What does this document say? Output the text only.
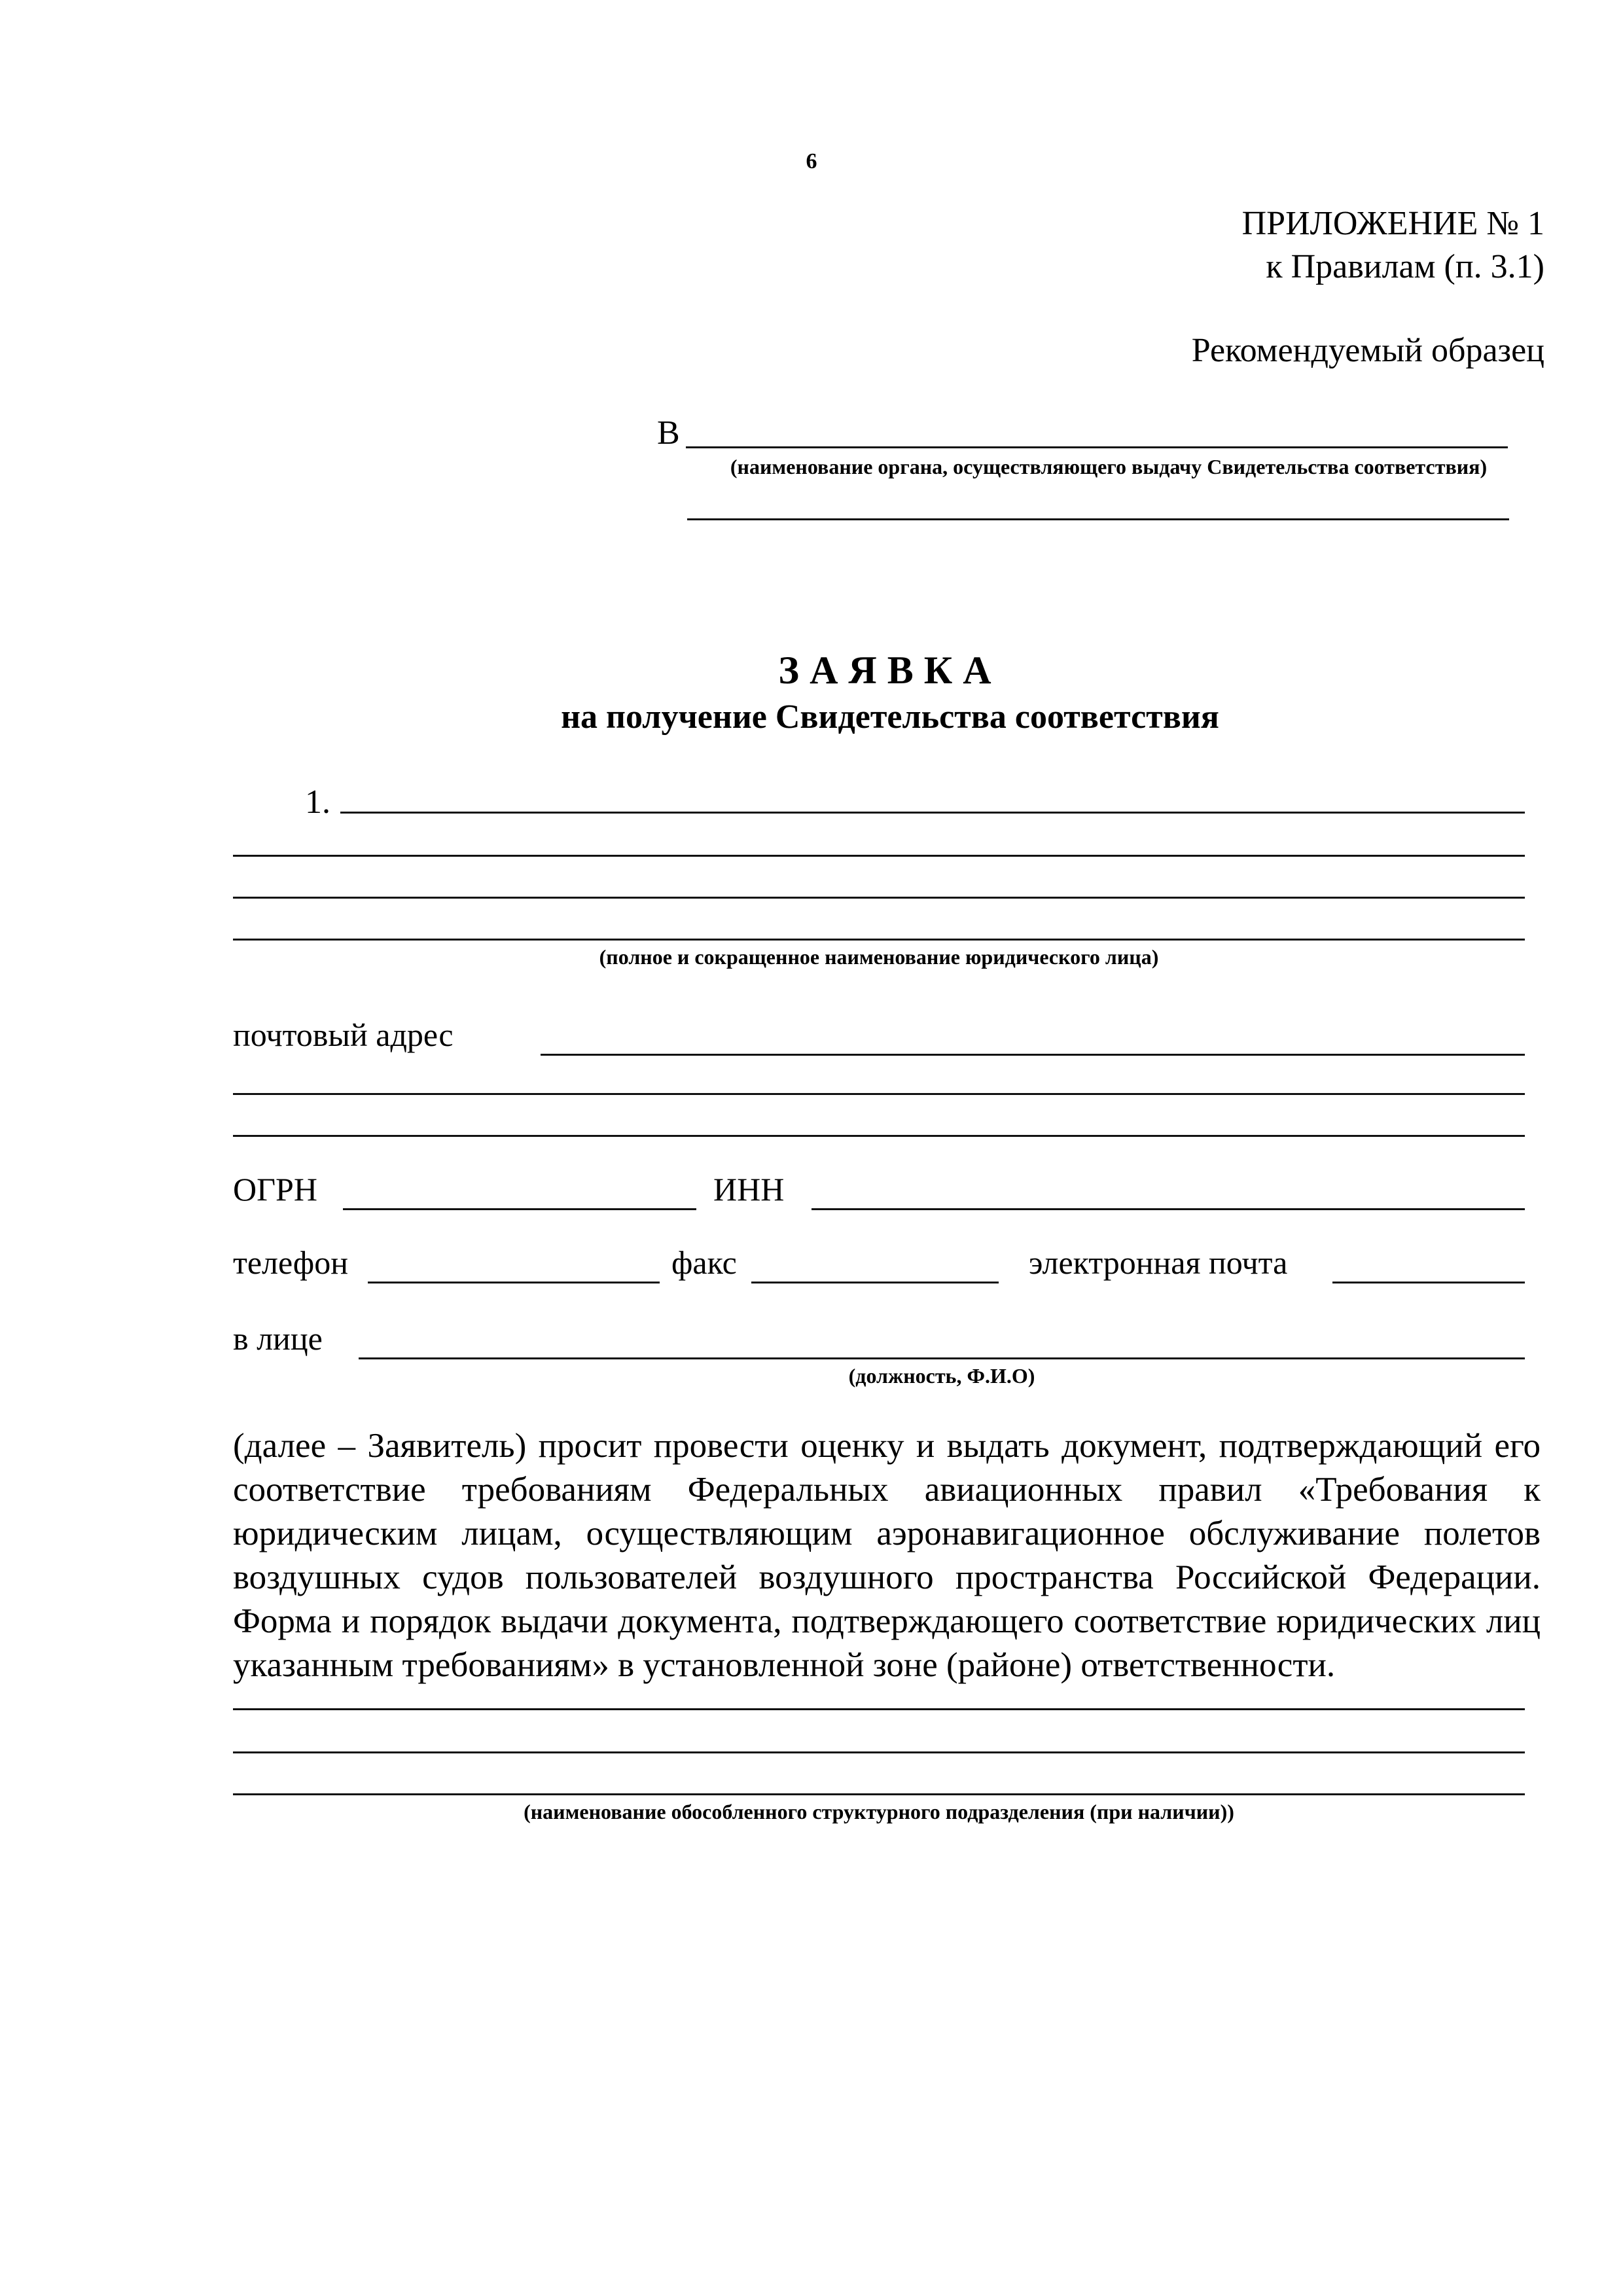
6
ПРИЛОЖЕНИЕ № 1
к Правилам (п. 3.1)
Рекомендуемый образец
В
(наименование органа, осуществляющего выдачу Свидетельства соответствия)
ЗАЯВКА
на получение Свидетельства соответствия
1.
(полное и сокращенное наименование юридического лица)
почтовый адрес
ОГРН	ИНН
телефон	факс	электронная почта
в лице
(должность, Ф.И.О)
(далее – Заявитель) просит провести оценку и выдать документ, подтверждающий его соответствие требованиям Федеральных авиационных правил «Требования к юридическим лицам, осуществляющим аэронавигационное обслуживание полетов воздушных судов пользователей воздушного пространства Российской Федерации. Форма и порядок выдачи документа, подтверждающего соответствие юридических лиц указанным требованиям» в установленной зоне (районе) ответственности.
(наименование обособленного структурного подразделения (при наличии))
